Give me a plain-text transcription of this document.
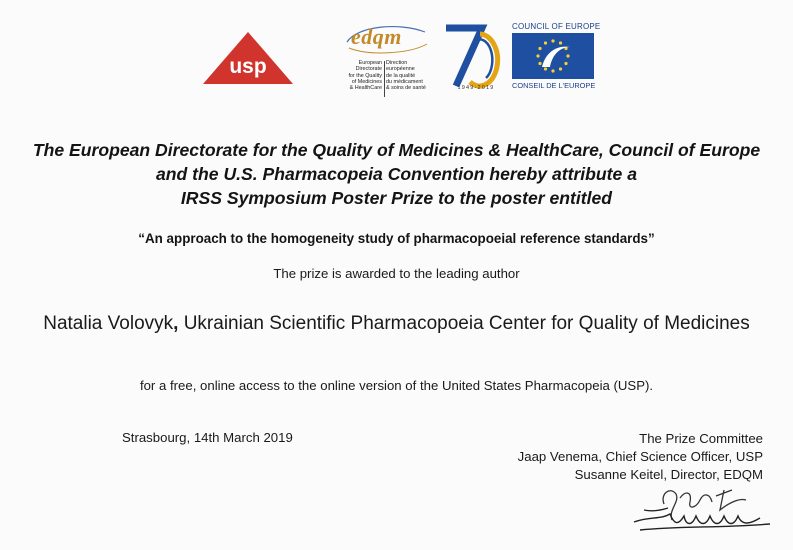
usp
edqm
European Directorate
for the Quality
of Medicines
& HealthCare
Direction européenne
de la qualité
du médicament
& soins de santé	1949-2019
COUNCIL OF EUROPE
CONSEIL DE L'EUROPE
The European Directorate for the Quality of Medicines & HealthCare, Council of Europe
and the U.S. Pharmacopeia Convention hereby attribute a
IRSS Symposium Poster Prize to the poster entitled
“An approach to the homogeneity study of pharmacopoeial reference standards”
The prize is awarded to the leading author
Natalia Volovyk, Ukrainian Scientific Pharmacopoeia Center for Quality of Medicines
for a free, online access to the online version of the United States Pharmacopeia (USP).
Strasbourg, 14th March 2019	The Prize Committee
Jaap Venema, Chief Science Officer, USP
Susanne Keitel, Director, EDQM
